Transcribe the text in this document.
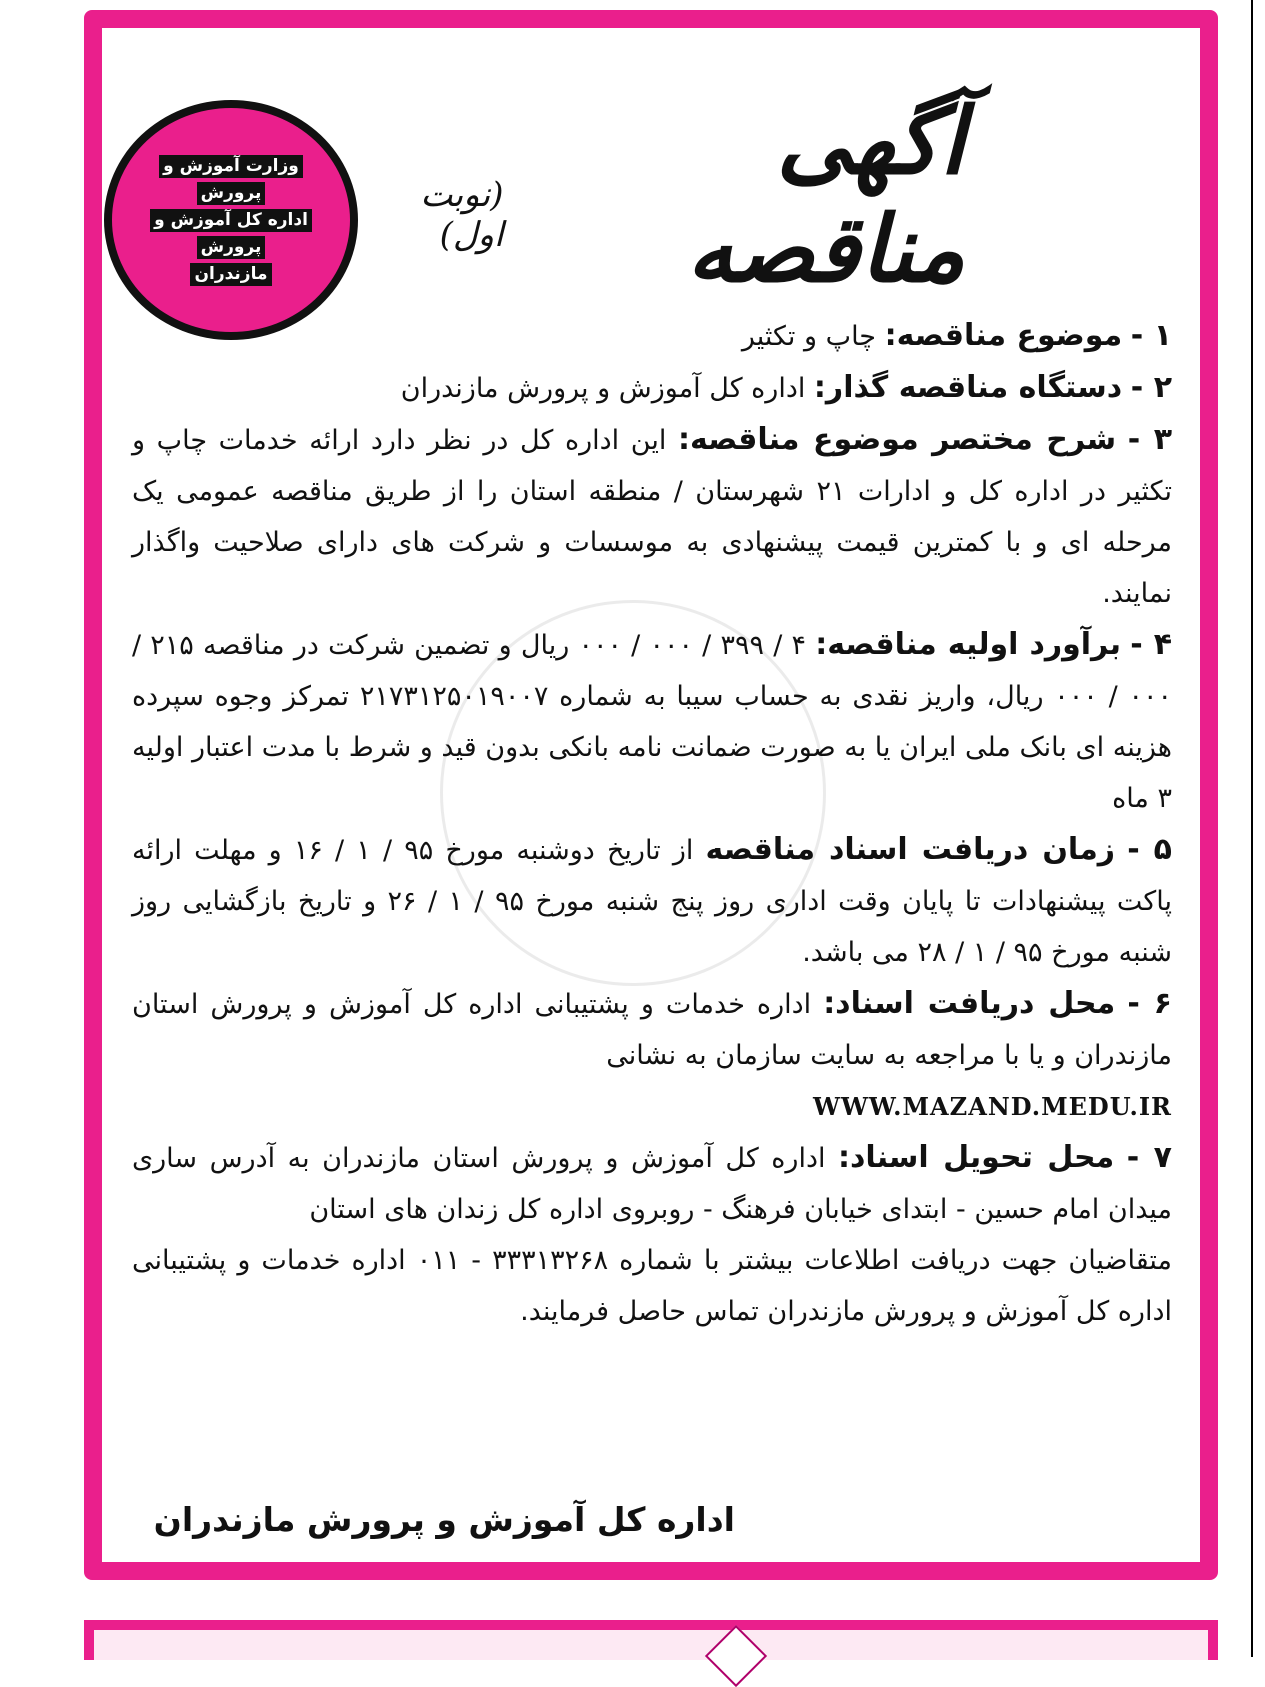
وزارت آموزش و
پرورش
اداره کل آموزش و
پرورش
مازندران
آگهی مناقصه
(نوبت اول)

۱ - موضوع مناقصه: چاپ و تکثیر

۲ - دستگاه مناقصه گذار: اداره کل آموزش و پرورش مازندران

۳ - شرح مختصر موضوع مناقصه: این اداره کل در نظر دارد ارائه خدمات چاپ و تکثیر در اداره کل و ادارات ۲۱ شهرستان / منطقه استان را از طریق مناقصه عمومی یک مرحله ای و با کمترین قیمت پیشنهادی به موسسات و شرکت های دارای صلاحیت واگذار نمایند.

۴ - برآورد اولیه مناقصه: ۴ / ۳۹۹ / ۰۰۰ / ۰۰۰ ریال و تضمین شرکت در مناقصه ۲۱۵ / ۰۰۰ / ۰۰۰ ریال، واریز نقدی به حساب سیبا به شماره ۲۱۷۳۱۲۵۰۱۹۰۰۷ تمرکز وجوه سپرده هزینه ای بانک ملی ایران یا به صورت ضمانت نامه بانکی بدون قید و شرط با مدت اعتبار اولیه ۳ ماه

۵ - زمان دریافت اسناد مناقصه از تاریخ دوشنبه مورخ ۹۵ / ۱ / ۱۶ و مهلت ارائه پاکت پیشنهادات تا پایان وقت اداری روز پنج شنبه مورخ ۹۵ / ۱ / ۲۶ و تاریخ بازگشایی روز شنبه مورخ ۹۵ / ۱ / ۲۸ می باشد.

۶ - محل دریافت اسناد: اداره خدمات و پشتیبانی اداره کل آموزش و پرورش استان مازندران و یا با مراجعه به سایت سازمان به نشانی

WWW.MAZAND.MEDU.IR

۷ - محل تحویل اسناد: اداره کل آموزش و پرورش استان مازندران به آدرس ساری میدان امام حسین - ابتدای خیابان فرهنگ - روبروی اداره کل زندان های استان

متقاضیان جهت دریافت اطلاعات بیشتر با شماره ۳۳۳۱۳۲۶۸ - ۰۱۱ اداره خدمات و پشتیبانی اداره کل آموزش و پرورش مازندران تماس حاصل فرمایند.

اداره کل آموزش و پرورش مازندران
